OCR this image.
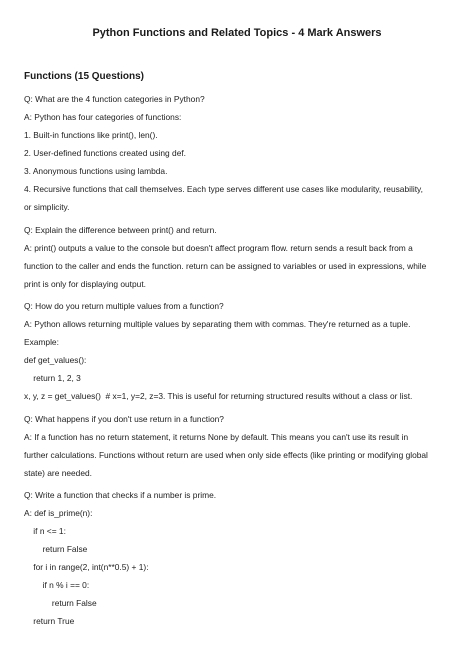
Python Functions and Related Topics - 4 Mark Answers
Functions (15 Questions)
Q: What are the 4 function categories in Python?
A: Python has four categories of functions:
1. Built-in functions like print(), len().
2. User-defined functions created using def.
3. Anonymous functions using lambda.
4. Recursive functions that call themselves. Each type serves different use cases like modularity, reusability,
or simplicity.
Q: Explain the difference between print() and return.
A: print() outputs a value to the console but doesn't affect program flow. return sends a result back from a
function to the caller and ends the function. return can be assigned to variables or used in expressions, while
print is only for displaying output.
Q: How do you return multiple values from a function?
A: Python allows returning multiple values by separating them with commas. They're returned as a tuple.
Example:
def get_values():
return 1, 2, 3
x, y, z = get_values()  # x=1, y=2, z=3. This is useful for returning structured results without a class or list.
Q: What happens if you don't use return in a function?
A: If a function has no return statement, it returns None by default. This means you can't use its result in
further calculations. Functions without return are used when only side effects (like printing or modifying global
state) are needed.
Q: Write a function that checks if a number is prime.
A: def is_prime(n):
if n <= 1:
return False
for i in range(2, int(n**0.5) + 1):
if n % i == 0:
return False
return True
